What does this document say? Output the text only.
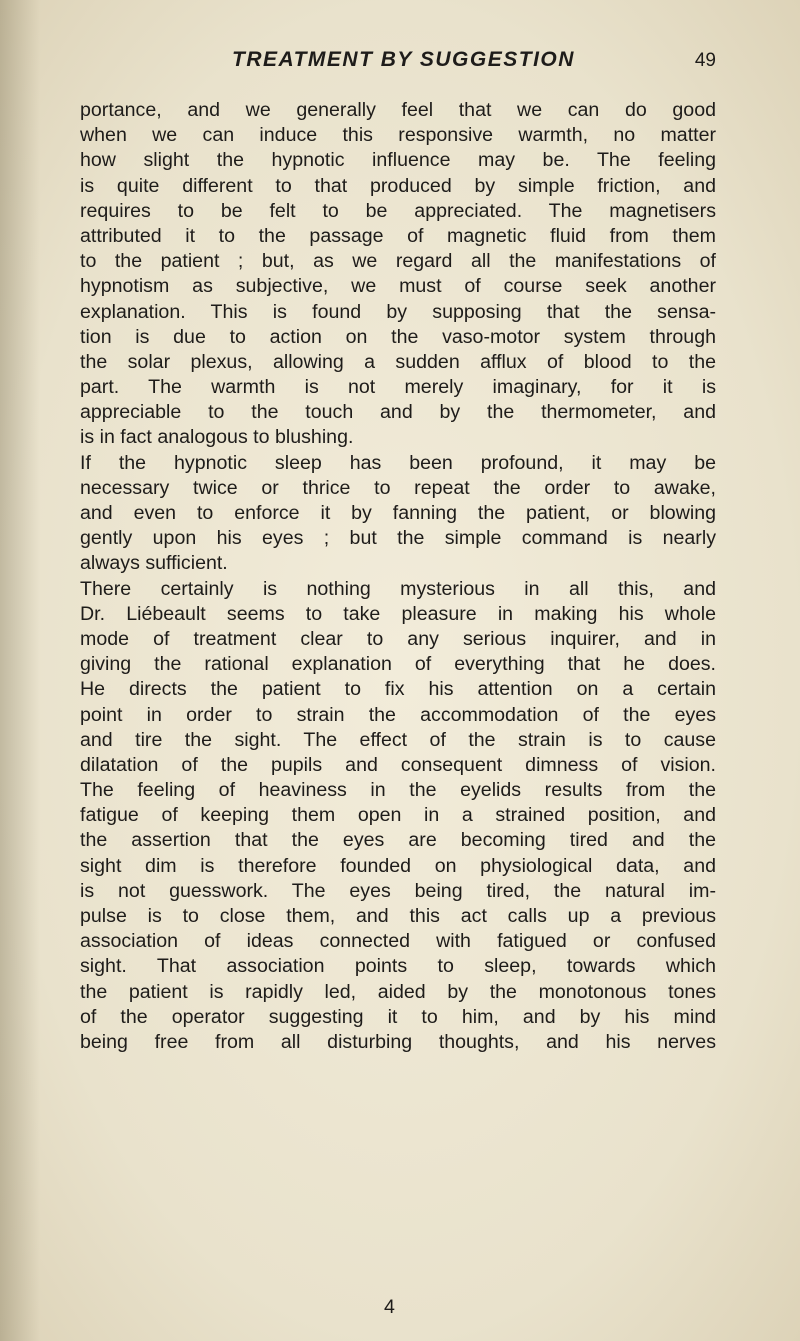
TREATMENT BY SUGGESTION	49
portance, and we generally feel that we can do good
when we can induce this responsive warmth, no matter
how slight the hypnotic influence may be. The feeling
is quite different to that produced by simple friction, and
requires to be felt to be appreciated. The magnetisers
attributed it to the passage of magnetic fluid from them
to the patient ; but, as we regard all the manifestations of
hypnotism as subjective, we must of course seek another
explanation. This is found by supposing that the sensa-
tion is due to action on the vaso-motor system through
the solar plexus, allowing a sudden afflux of blood to the
part. The warmth is not merely imaginary, for it is
appreciable to the touch and by the thermometer, and
is in fact analogous to blushing.
If the hypnotic sleep has been profound, it may be
necessary twice or thrice to repeat the order to awake,
and even to enforce it by fanning the patient, or blowing
gently upon his eyes ; but the simple command is nearly
always sufficient.
There certainly is nothing mysterious in all this, and
Dr. Liébeault seems to take pleasure in making his whole
mode of treatment clear to any serious inquirer, and in
giving the rational explanation of everything that he does.
He directs the patient to fix his attention on a certain
point in order to strain the accommodation of the eyes
and tire the sight. The effect of the strain is to cause
dilatation of the pupils and consequent dimness of vision.
The feeling of heaviness in the eyelids results from the
fatigue of keeping them open in a strained position, and
the assertion that the eyes are becoming tired and the
sight dim is therefore founded on physiological data, and
is not guesswork. The eyes being tired, the natural im-
pulse is to close them, and this act calls up a previous
association of ideas connected with fatigued or confused
sight. That association points to sleep, towards which
the patient is rapidly led, aided by the monotonous tones
of the operator suggesting it to him, and by his mind
being free from all disturbing thoughts, and his nerves
4
